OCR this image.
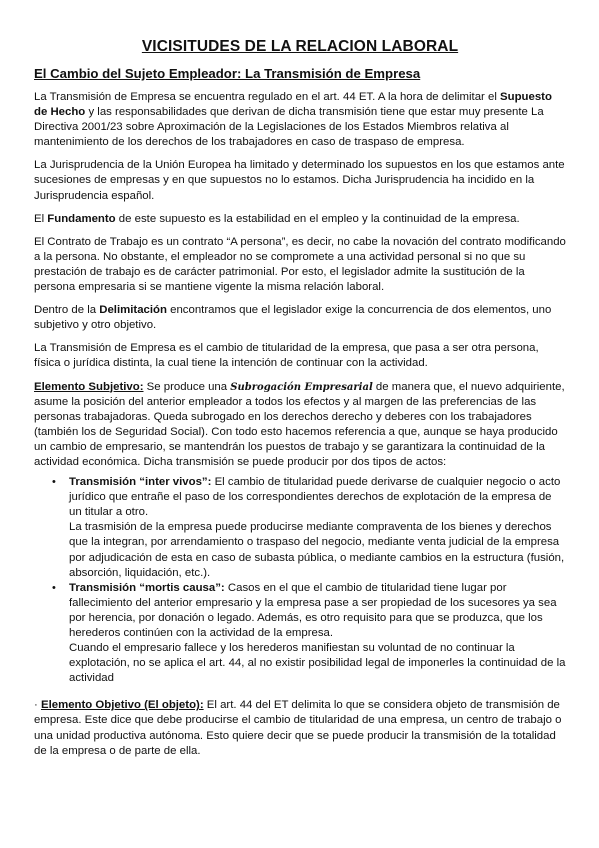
VICISITUDES DE LA RELACION LABORAL
El Cambio del Sujeto Empleador: La Transmisión de Empresa

La Transmisión de Empresa se encuentra regulado en el art. 44 ET. A la hora de delimitar el Supuesto de Hecho y las responsabilidades que derivan de dicha transmisión tiene que estar muy presente La Directiva 2001/23 sobre Aproximación de la Legislaciones de los Estados Miembros relativa al mantenimiento de los derechos de los trabajadores en caso de traspaso de empresa.

La Jurisprudencia de la Unión Europea ha limitado y determinado los supuestos en los que estamos ante sucesiones de empresas y en que supuestos no lo estamos. Dicha Jurisprudencia ha incidido en la Jurisprudencia español.

El Fundamento de este supuesto es la estabilidad en el empleo y la continuidad de la empresa.

El Contrato de Trabajo es un contrato “A persona”, es decir, no cabe la novación del contrato modificando a la persona. No obstante, el empleador no se compromete a una actividad personal si no que su prestación de trabajo es de carácter patrimonial. Por esto, el legislador admite la sustitución de la persona empresaria si se mantiene vigente la misma relación laboral.

Dentro de la Delimitación encontramos que el legislador exige la concurrencia de dos elementos, uno subjetivo y otro objetivo.

La Transmisión de Empresa es el cambio de titularidad de la empresa, que pasa a ser otra persona, física o jurídica distinta, la cual tiene la intención de continuar con la actividad.

Elemento Subjetivo: Se produce una Subrogación Empresarial de manera que, el nuevo adquiriente, asume la posición del anterior empleador a todos los efectos y al margen de las preferencias de las personas trabajadoras. Queda subrogado en los derechos derecho y deberes con los trabajadores (también los de Seguridad Social). Con todo esto hacemos referencia a que, aunque se haya producido un cambio de empresario, se mantendrán los puestos de trabajo y se garantizara la continuidad de la actividad económica. Dicha transmisión se puede producir por dos tipos de actos:

• Transmisión “inter vivos”: El cambio de titularidad puede derivarse de cualquier negocio o acto jurídico que entrañe el paso de los correspondientes derechos de explotación de la empresa de un titular a otro.
La trasmisión de la empresa puede producirse mediante compraventa de los bienes y derechos que la integran, por arrendamiento o traspaso del negocio, mediante venta judicial de la empresa por adjudicación de esta en caso de subasta pública, o mediante cambios en la estructura (fusión, absorción, liquidación, etc.).
• Transmisión “mortis causa”: Casos en el que el cambio de titularidad tiene lugar por fallecimiento del anterior empresario y la empresa pase a ser propiedad de los sucesores ya sea por herencia, por donación o legado. Además, es otro requisito para que se produzca, que los herederos continúen con la actividad de la empresa.
Cuando el empresario fallece y los herederos manifiestan su voluntad de no continuar la explotación, no se aplica el art. 44, al no existir posibilidad legal de imponerles la continuidad de la actividad

· Elemento Objetivo (El objeto): El art. 44 del ET delimita lo que se considera objeto de transmisión de empresa. Este dice que debe producirse el cambio de titularidad de una empresa, un centro de trabajo o una unidad productiva autónoma. Esto quiere decir que se puede producir la transmisión de la totalidad de la empresa o de parte de ella.
